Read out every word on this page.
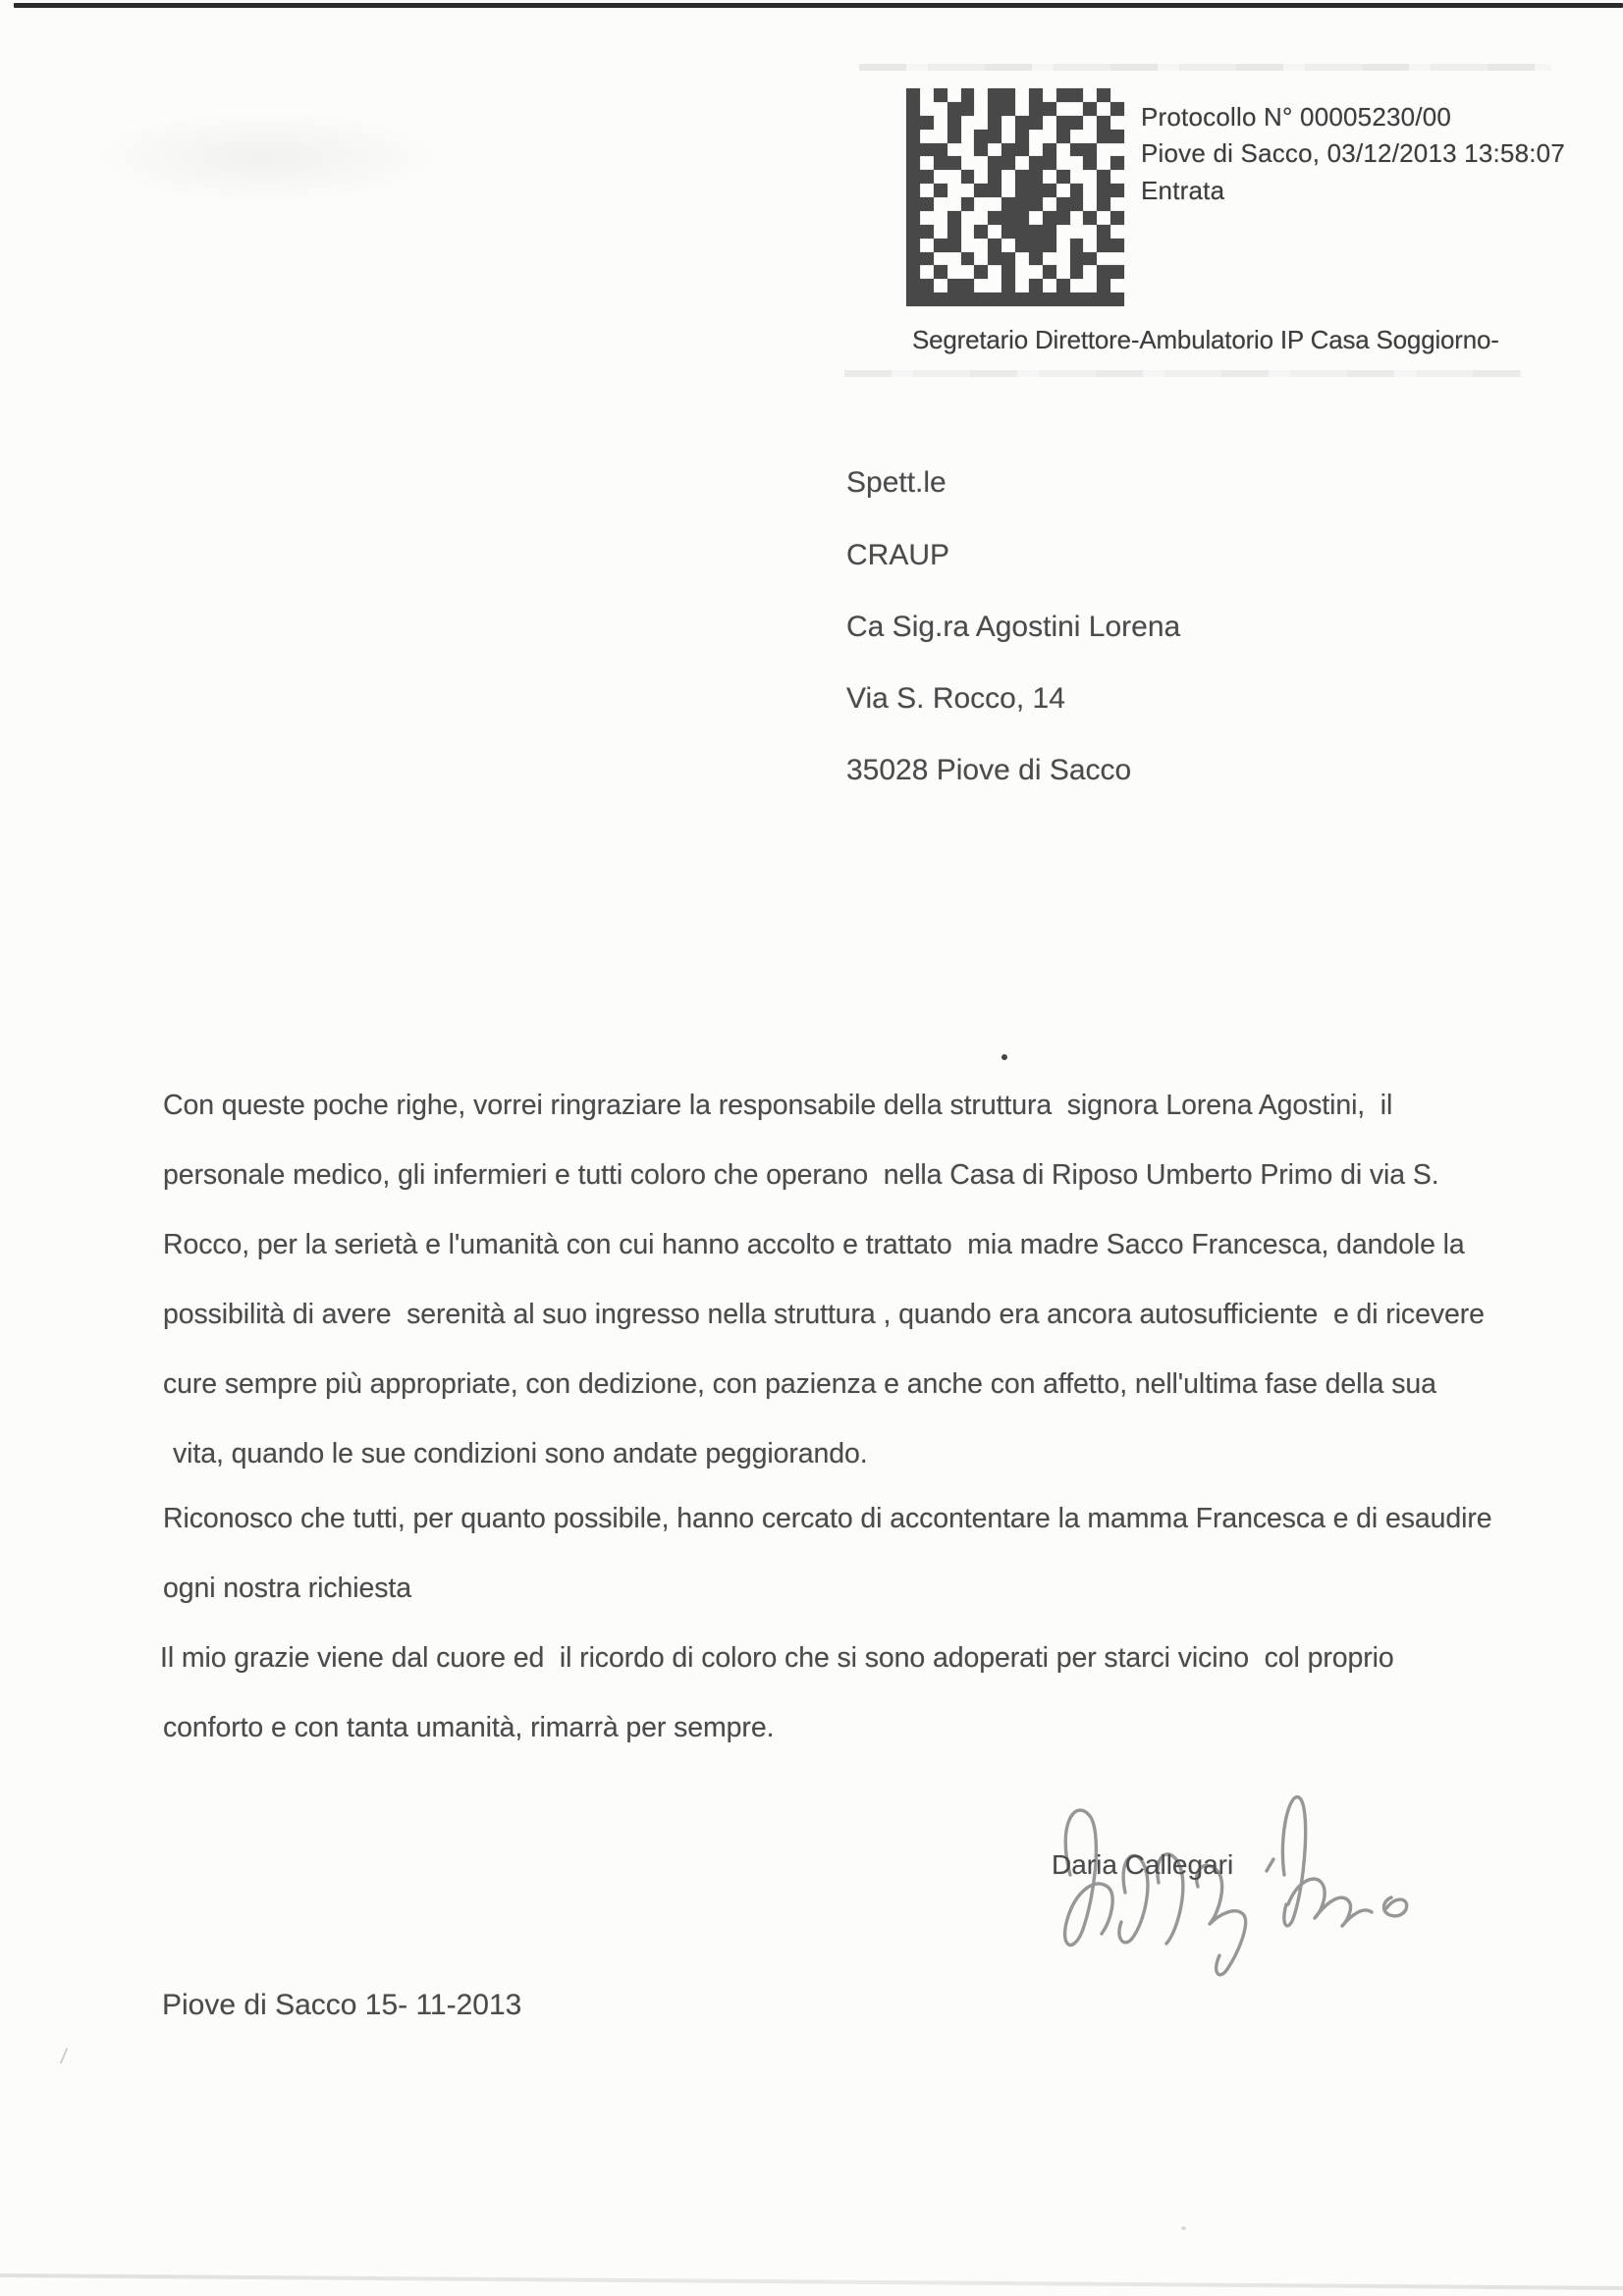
/
Protocollo N° 00005230/00
Piove di Sacco, 03/12/2013 13:58:07
Entrata
Segretario Direttore-Ambulatorio IP Casa Soggiorno-
Spett.le
CRAUP
Ca Sig.ra Agostini Lorena
Via S. Rocco, 14
35028 Piove di Sacco
Con queste poche righe, vorrei ringraziare la responsabile della struttura  signora Lorena Agostini,  il
personale medico, gli infermieri e tutti coloro che operano  nella Casa di Riposo Umberto Primo di via S.
Rocco, per la serietà e l'umanità con cui hanno accolto e trattato  mia madre Sacco Francesca, dandole la
possibilità di avere  serenità al suo ingresso nella struttura , quando era ancora autosufficiente  e di ricevere
cure sempre più appropriate, con dedizione, con pazienza e anche con affetto, nell'ultima fase della sua
vita, quando le sue condizioni sono andate peggiorando.
Riconosco che tutti, per quanto possibile, hanno cercato di accontentare la mamma Francesca e di esaudire
ogni nostra richiesta
Il mio grazie viene dal cuore ed  il ricordo di coloro che si sono adoperati per starci vicino  col proprio
conforto e con tanta umanità, rimarrà per sempre.
Daria Callegari
Piove di Sacco 15- 11-2013
